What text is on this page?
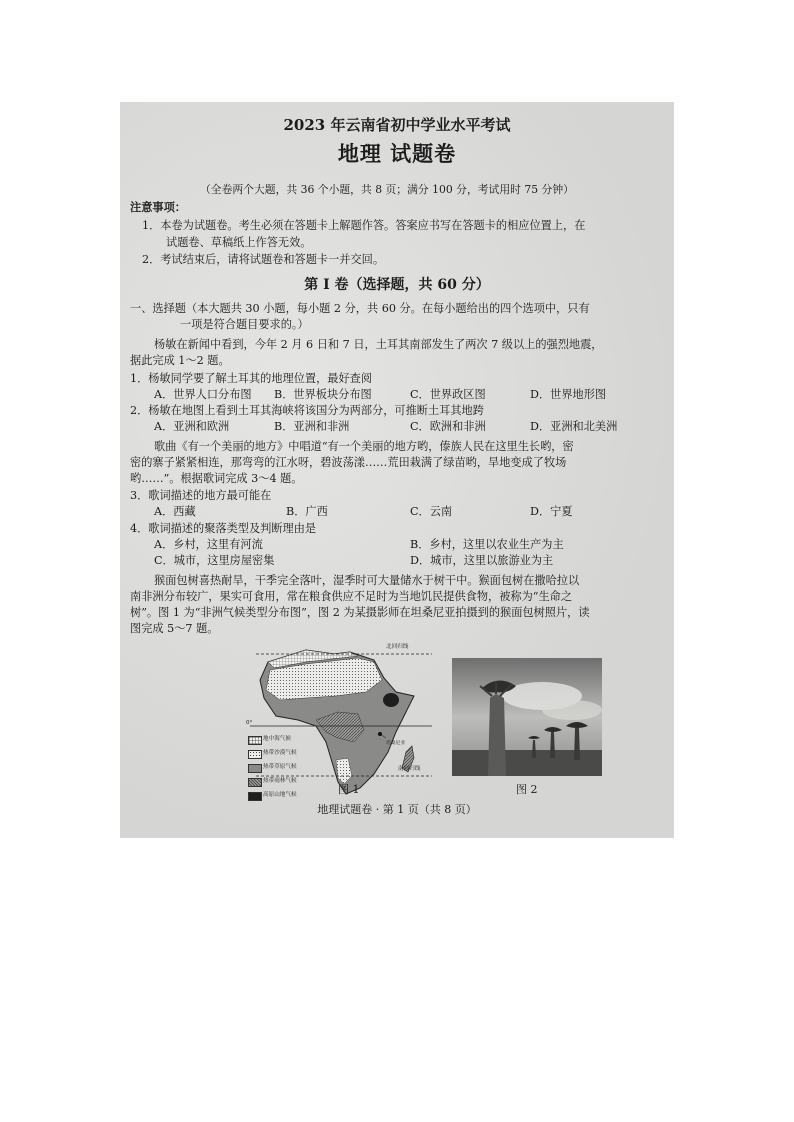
2023 年云南省初中学业水平考试
地理 试题卷
（全卷两个大题，共 36 个小题，共 8 页；满分 100 分，考试用时 75 分钟）
注意事项：
1．本卷为试题卷。考生必须在答题卡上解题作答。答案应书写在答题卡的相应位置上，在
试题卷、草稿纸上作答无效。
2．考试结束后，请将试题卷和答题卡一并交回。
第 Ⅰ 卷（选择题，共 60 分）
一、选择题（本大题共 30 小题，每小题 2 分，共 60 分。在每小题给出的四个选项中，只有
一项是符合题目要求的。）
杨敏在新闻中看到，今年 2 月 6 日和 7 日，土耳其南部发生了两次 7 级以上的强烈地震，
据此完成 1～2 题。
1．杨敏同学要了解土耳其的地理位置，最好查阅
A．世界人口分布图 B．世界板块分布图	C．世界政区图	D．世界地形图
2．杨敏在地图上看到土耳其海峡将该国分为两部分，可推断土耳其地跨
A．亚洲和欧洲	B．亚洲和非洲	C．欧洲和非洲	D．亚洲和北美洲
歌曲《有一个美丽的地方》中唱道“有一个美丽的地方哟，傣族人民在这里生长哟，密
密的寨子紧紧相连，那弯弯的江水呀，碧波荡漾……荒田栽满了绿苗哟，旱地变成了牧场
哟……”。根据歌词完成 3～4 题。
3．歌词描述的地方最可能在
A．西藏	B．广西	C．云南	D．宁夏
4．歌词描述的聚落类型及判断理由是
A．乡村，这里有河流	B．乡村，这里以农业生产为主
C．城市，这里房屋密集	D．城市，这里以旅游业为主
猴面包树喜热耐旱，干季完全落叶，湿季时可大量储水于树干中。猴面包树在撒哈拉以
南非洲分布较广，果实可食用，常在粮食供应不足时为当地饥民提供食物，被称为“生命之
树”。图 1 为“非洲气候类型分布图”，图 2 为某摄影师在坦桑尼亚拍摄到的猴面包树照片，读
图完成 5～7 题。
北回归线
0°
坦桑尼亚
南回归线
地中海气候
热带沙漠气候
热带草原气候
热带雨林气候
高原山地气候	图 1	图 2
地理试题卷 · 第 1 页（共 8 页）
